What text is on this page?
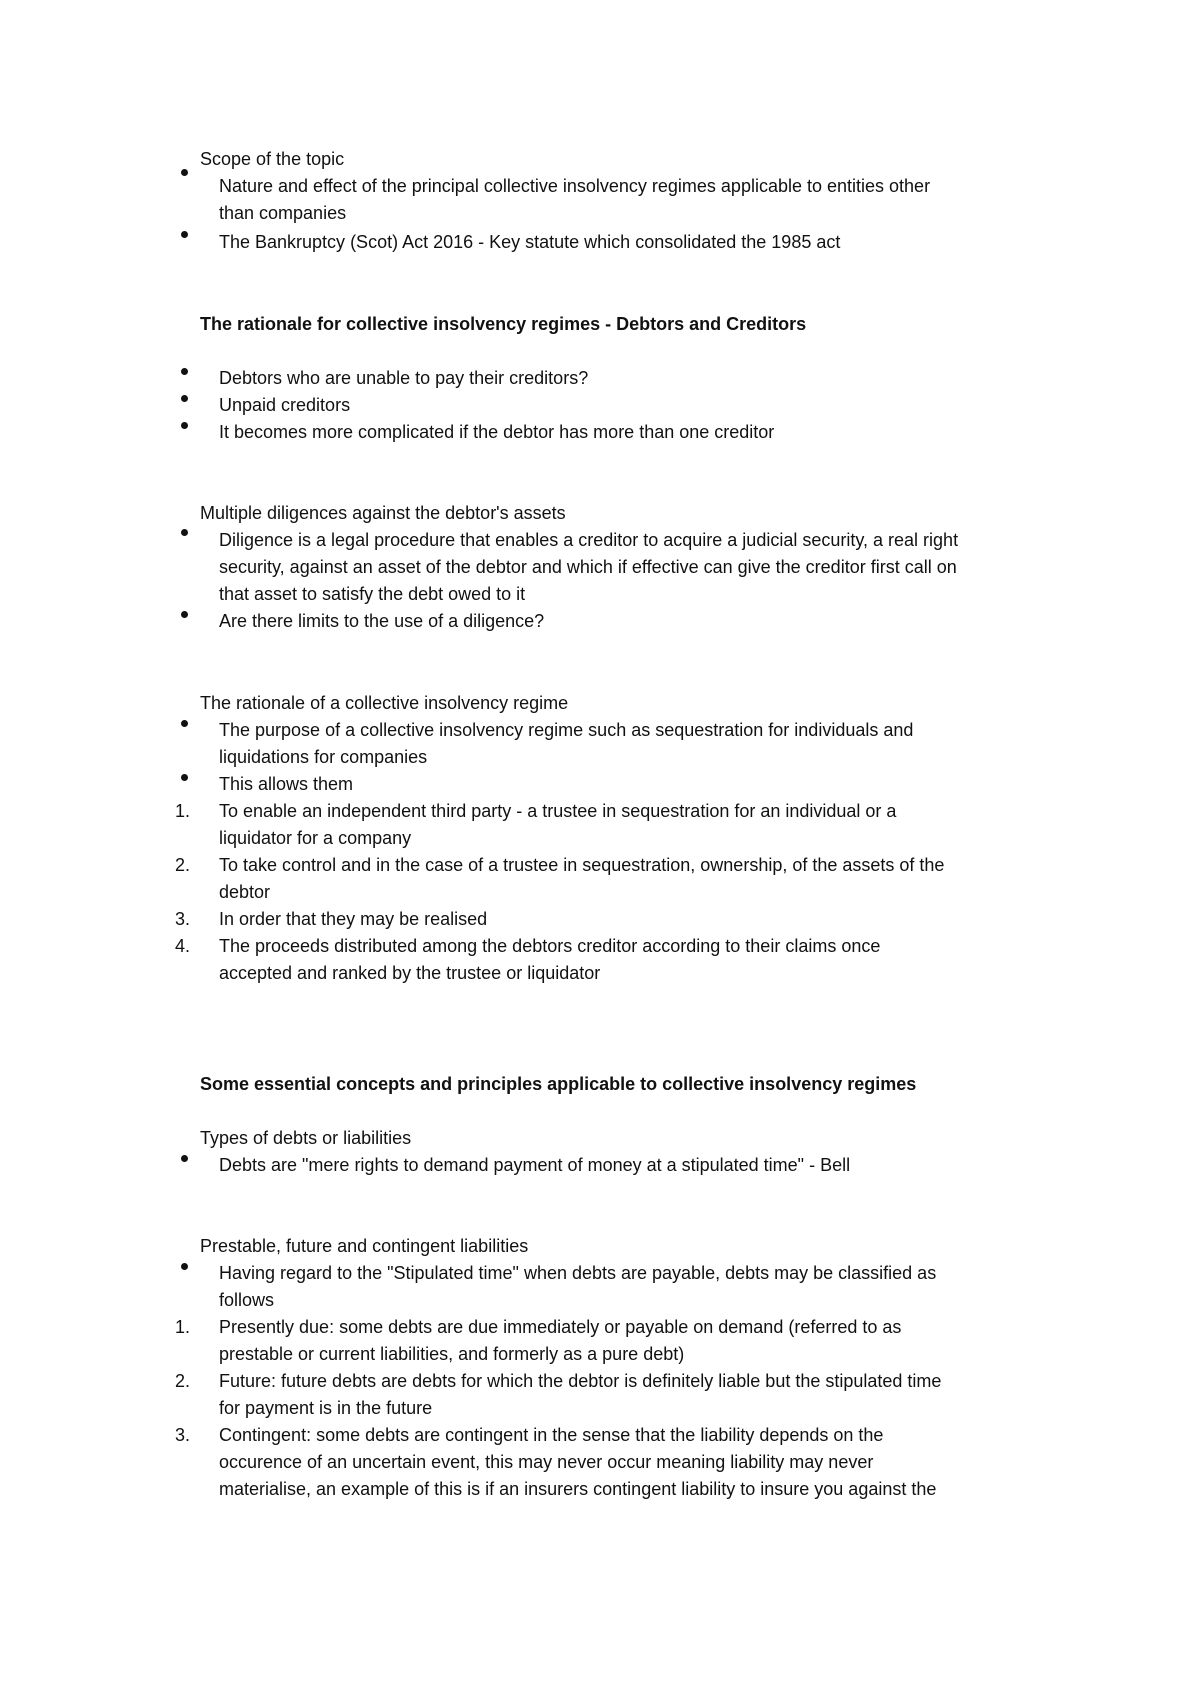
Scope of the topic
Nature and effect of the principal collective insolvency regimes applicable to entities other
than companies
The Bankruptcy (Scot) Act 2016 - Key statute which consolidated the 1985 act
The rationale for collective insolvency regimes - Debtors and Creditors
Debtors who are unable to pay their creditors?
Unpaid creditors
It becomes more complicated if the debtor has more than one creditor
Multiple diligences against the debtor's assets
Diligence is a legal procedure that enables a creditor to acquire a judicial security, a real right
security, against an asset of the debtor and which if effective can give the creditor first call on
that asset to satisfy the debt owed to it
Are there limits to the use of a diligence?
The rationale of a collective insolvency regime
The purpose of a collective insolvency regime such as sequestration for individuals and
liquidations for companies
This allows them
1. To enable an independent third party - a trustee in sequestration for an individual or a
liquidator for a company
2. To take control and in the case of a trustee in sequestration, ownership, of the assets of the
debtor
3. In order that they may be realised
4. The proceeds distributed among the debtors creditor according to their claims once
accepted and ranked by the trustee or liquidator
Some essential concepts and principles applicable to collective insolvency regimes
Types of debts or liabilities
Debts are "mere rights to demand payment of money at a stipulated time" - Bell
Prestable, future and contingent liabilities
Having regard to the "Stipulated time" when debts are payable, debts may be classified as
follows
1. Presently due: some debts are due immediately or payable on demand (referred to as
prestable or current liabilities, and formerly as a pure debt)
2. Future: future debts are debts for which the debtor is definitely liable but the stipulated time
for payment is in the future
3. Contingent: some debts are contingent in the sense that the liability depends on the
occurence of an uncertain event, this may never occur meaning liability may never
materialise, an example of this is if an insurers contingent liability to insure you against the
